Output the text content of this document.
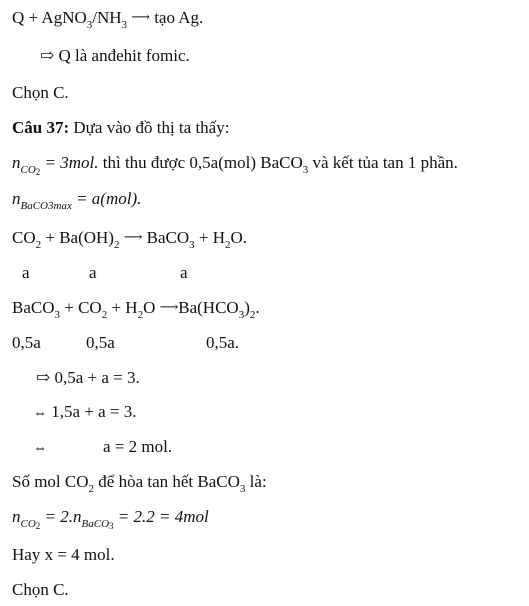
$Q + AgNO_3/NH_3$ ⟶ tạo Ag.
⇨ Q là anđehit fomic.
Chọn C.
Câu 37: Dựa vào đồ thị ta thấy:
$n_{CO2} = 3mol$. thì thu được 0,5a(mol) BaCO$_3$ và kết tủa tan 1 phần.
$n_{BaCO3max} = a(mol)$.
$CO_2 + Ba(OH)_2$ ⟶ BaCO$_3$ + $H_2O$.
a	a	a
BaCO$_3$ + $CO_2 + H_2O$ $⟶Ba(HCO_3)_2$.
0,5a	0,5a	0,5a.
⇨ 0,5a + a = 3.
⇔ 1,5a + a = 3.
⇔	a = 2 mol.
Số mol $CO_2$ để hòa tan hết BaCO$_3$ là:
$n_{CO2} = 2.n_{BaCO3} = 2.2 = 4mol$
Hay x = 4 mol.
Chọn C.
